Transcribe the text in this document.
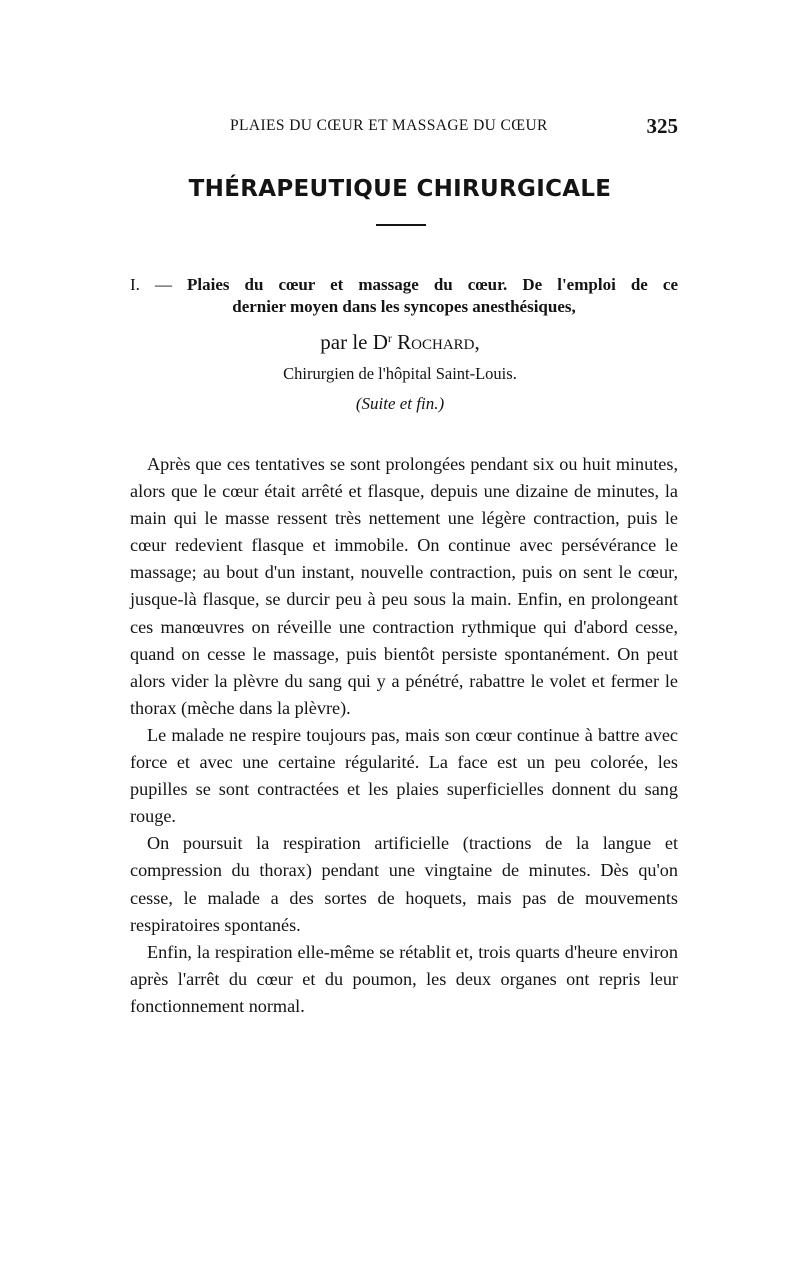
PLAIES DU CŒUR ET MASSAGE DU CŒUR	325
THÉRAPEUTIQUE CHIRURGICALE
I. — Plaies du cœur et massage du cœur. De l'emploi de ce
dernier moyen dans les syncopes anesthésiques,
par le $D^r$ Rochard,
Chirurgien de l'hôpital Saint-Louis.
(Suite et fin.)

Après que ces tentatives se sont prolongées pendant six ou huit minutes, alors que le cœur était arrêté et flasque, depuis une dizaine de minutes, la main qui le masse ressent très nettement une légère contraction, puis le cœur redevient flasque et immobile. On continue avec persévérance le massage; au bout d'un instant, nouvelle contraction, puis on sent le cœur, jusque-là flasque, se durcir peu à peu sous la main. Enfin, en prolongeant ces manœuvres on réveille une contraction rythmique qui d'abord cesse, quand on cesse le massage, puis bientôt persiste spontanément. On peut alors vider la plèvre du sang qui y a pénétré, rabattre le volet et fermer le thorax (mèche dans la plèvre).

Le malade ne respire toujours pas, mais son cœur continue à battre avec force et avec une certaine régularité. La face est un peu colorée, les pupilles se sont contractées et les plaies superficielles donnent du sang rouge.

On poursuit la respiration artificielle (tractions de la langue et compression du thorax) pendant une vingtaine de minutes. Dès qu'on cesse, le malade a des sortes de hoquets, mais pas de mouvements respiratoires spontanés.

Enfin, la respiration elle-même se rétablit et, trois quarts d'heure environ après l'arrêt du cœur et du poumon, les deux organes ont repris leur fonctionnement normal.
